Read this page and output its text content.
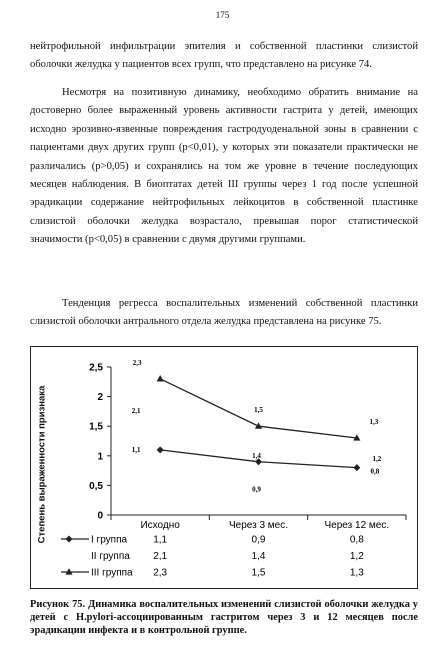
175

нейтрофильной инфильтрации эпителия и собственной пластинки слизистой оболочки желудка у пациентов всех групп, что представлено на рисунке 74.

Несмотря на позитивную динамику, необходимо обратить внимание на достоверно более выраженный уровень активности гастрита у детей, имеющих исходно эрозивно-язвенные повреждения гастродуоденальной зоны в сравнении с пациентами двух других групп (p<0,01), у которых эти показатели практически не различались (p>0,05) и сохранялись на том же уровне в течение последующих месяцев наблюдения. В биоптатах детей III группы через 1 год после успешной эрадикации содержание нейтрофильных лейкоцитов в собственной пластинке слизистой оболочки желудка возрастало, превышая порог статистической значимости (p<0,05) в сравнении с двумя другими группами.

Тенденция регресса воспалительных изменений собственной пластинки слизистой оболочки антрального отдела желудка представлена на рисунке 75.

Степень выраженности признака	0
0,5
1
1,5
2
2,5
Исходно	Через 3 мес.	Через 12 мес.
1,1
0,9
0,8
2,1
1,4	1,2
2,3
1,5
1,3
I группа	1,1	0,9	0,8
II группа 2,1	1,4	1,2
III группа 2,3	1,5	1,3
Рисунок 75. Динамика воспалительных изменений слизистой оболочки желудка у детей с H.pylori-ассоциированным гастритом через 3 и 12 месяцев после эрадикации инфекта и в контрольной группе.
